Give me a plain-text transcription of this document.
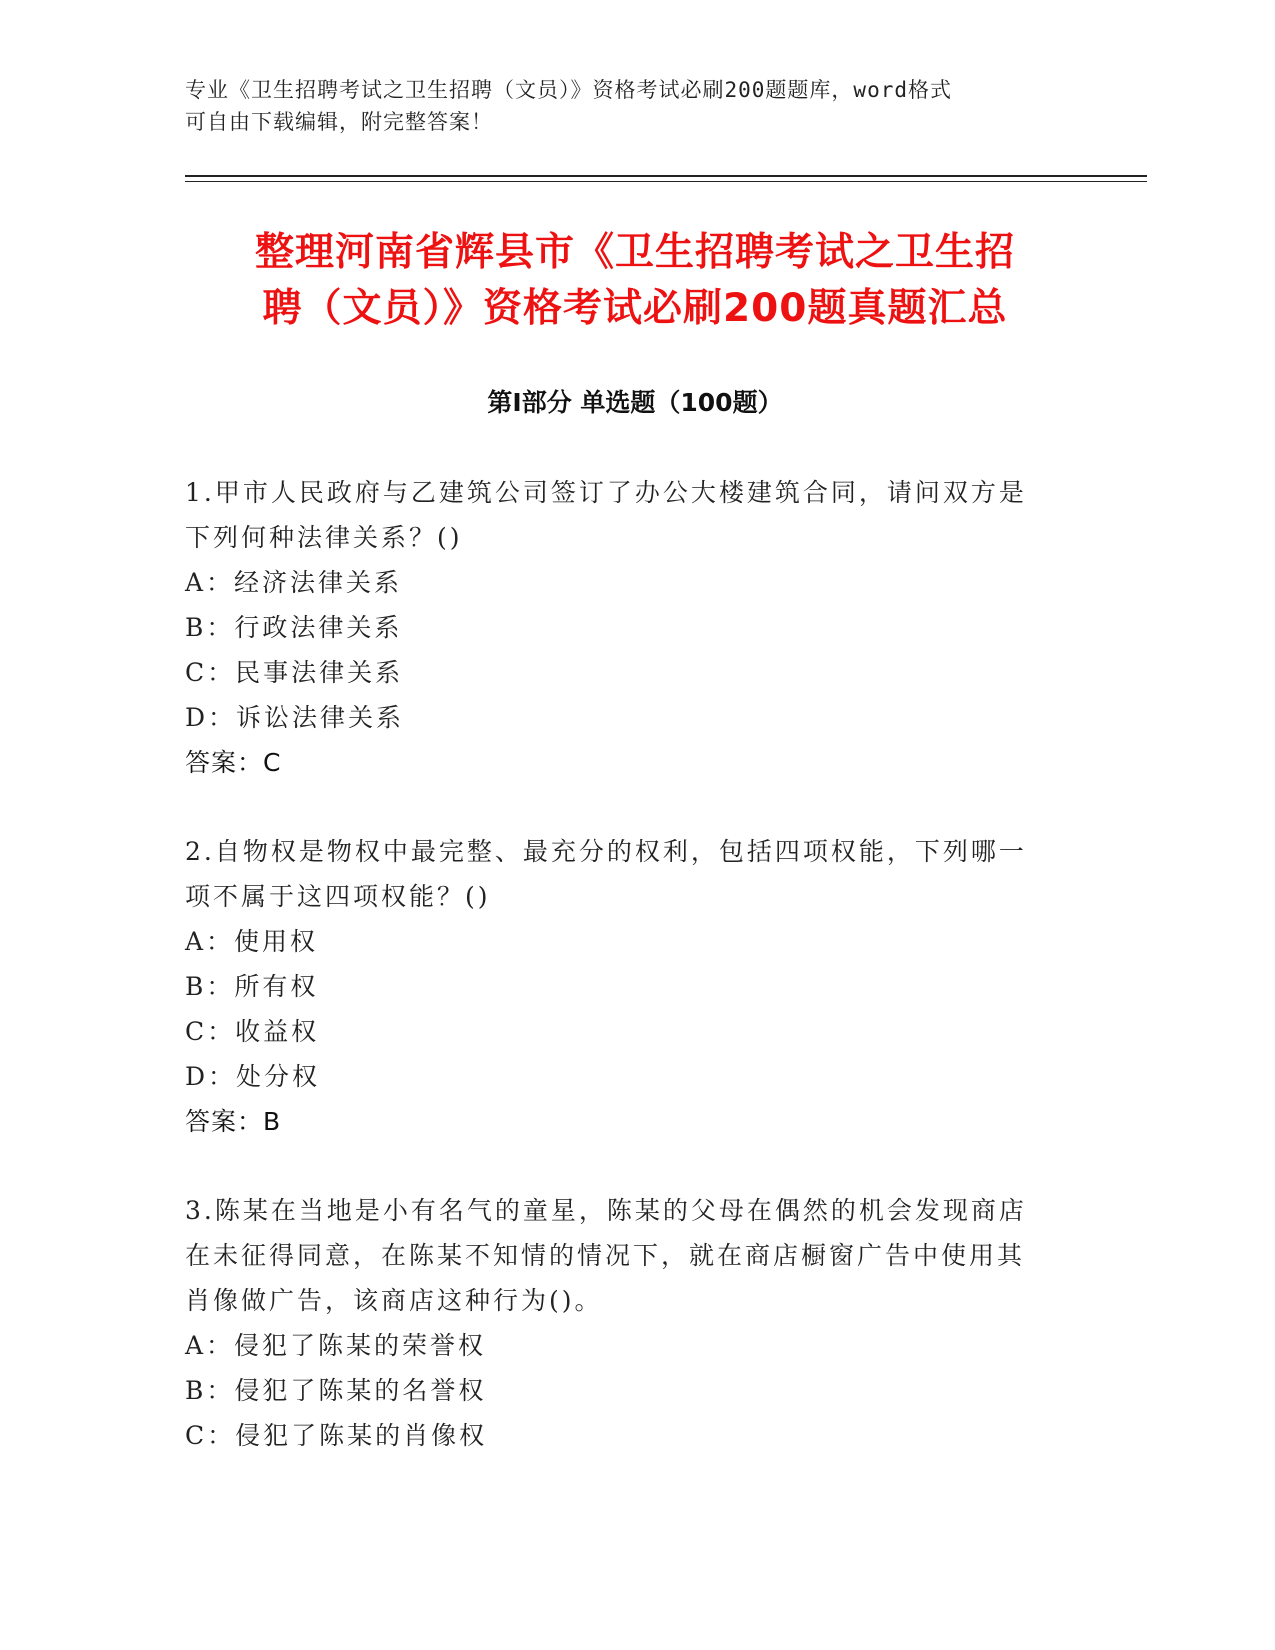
专业《卫生招聘考试之卫生招聘（文员）》资格考试必刷200题题库，word格式
可自由下载编辑，附完整答案！
整理河南省辉县市《卫生招聘考试之卫生招
聘（文员）》资格考试必刷200题真题汇总
第Ⅰ部分 单选题（100题）
1.甲市人民政府与乙建筑公司签订了办公大楼建筑合同，请问双方是
下列何种法律关系？()
A：经济法律关系
B：行政法律关系
C：民事法律关系
D：诉讼法律关系
答案：C
2.自物权是物权中最完整、最充分的权利，包括四项权能，下列哪一
项不属于这四项权能？()
A：使用权
B：所有权
C：收益权
D：处分权
答案：B
3.陈某在当地是小有名气的童星，陈某的父母在偶然的机会发现商店
在未征得同意，在陈某不知情的情况下，就在商店橱窗广告中使用其
肖像做广告，该商店这种行为()。
A：侵犯了陈某的荣誉权
B：侵犯了陈某的名誉权
C：侵犯了陈某的肖像权
